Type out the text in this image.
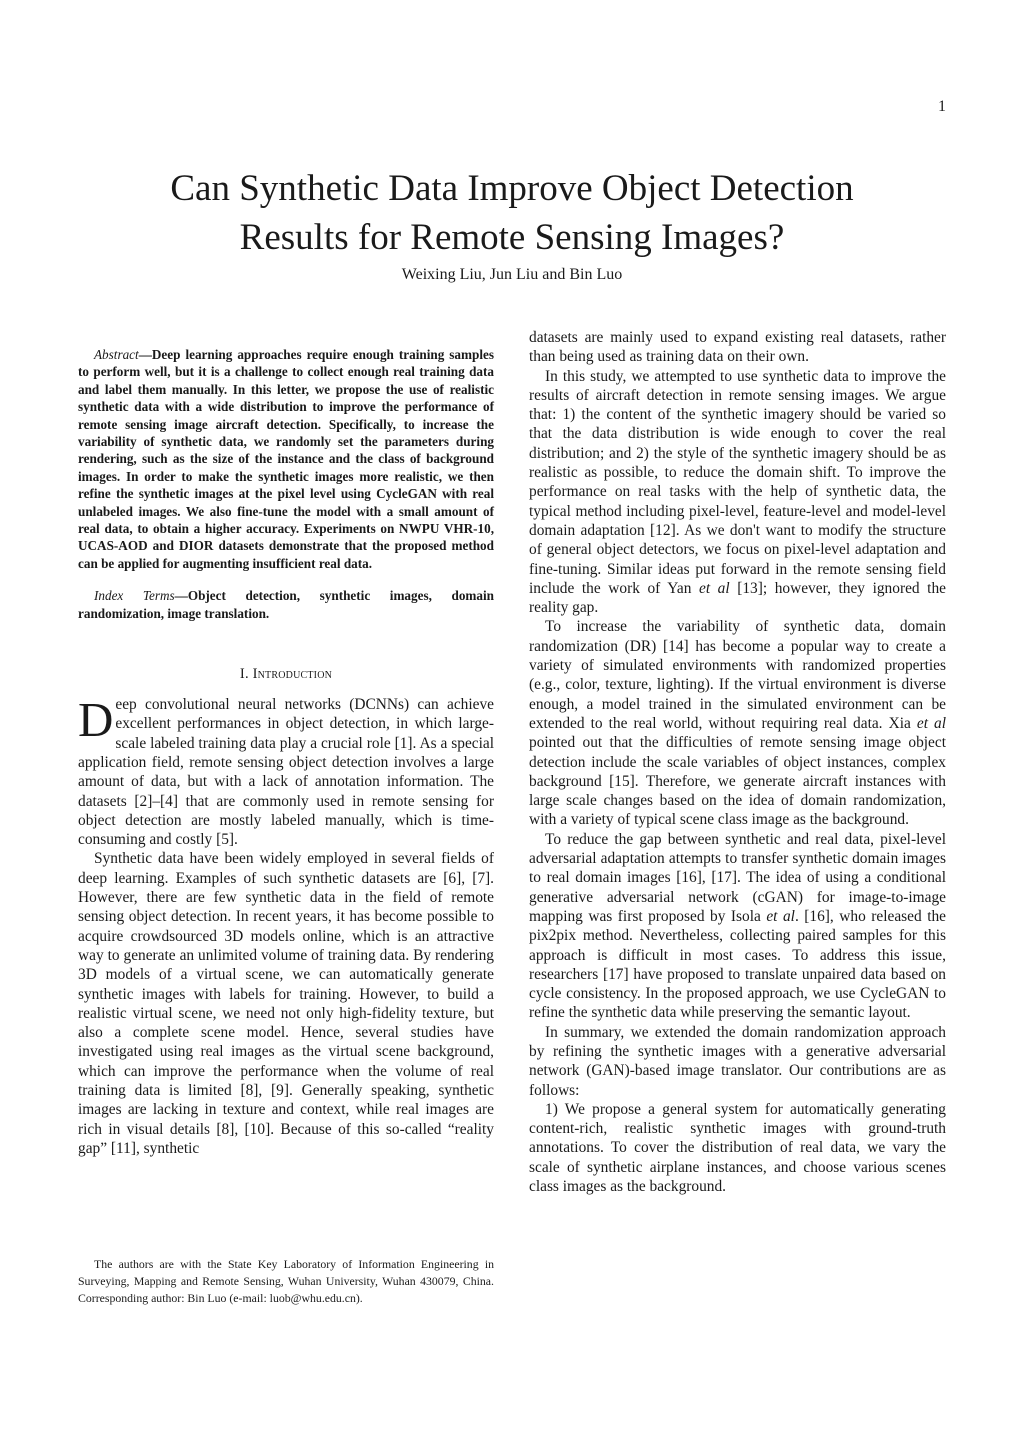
1
Can Synthetic Data Improve Object Detection
Results for Remote Sensing Images?
Weixing Liu, Jun Liu and Bin Luo

Abstract—Deep learning approaches require enough training samples to perform well, but it is a challenge to collect enough real training data and label them manually. In this letter, we propose the use of realistic synthetic data with a wide distribution to improve the performance of remote sensing image aircraft detection. Specifically, to increase the variability of synthetic data, we randomly set the parameters during rendering, such as the size of the instance and the class of background images. In order to make the synthetic images more realistic, we then refine the synthetic images at the pixel level using CycleGAN with real unlabeled images. We also fine-tune the model with a small amount of real data, to obtain a higher accuracy. Experiments on NWPU VHR-10, UCAS-AOD and DIOR datasets demonstrate that the proposed method can be applied for augmenting insufficient real data.

Index Terms—Object detection, synthetic images, domain randomization, image translation.

I. Introduction

Deep convolutional neural networks (DCNNs) can achieve excellent performances in object detection, in which large-scale labeled training data play a crucial role [1]. As a special application field, remote sensing object detection involves a large amount of data, but with a lack of annotation information. The datasets [2]–[4] that are commonly used in remote sensing for object detection are mostly labeled manually, which is time-consuming and costly [5].

Synthetic data have been widely employed in several fields of deep learning. Examples of such synthetic datasets are [6], [7]. However, there are few synthetic data in the field of remote sensing object detection. In recent years, it has become possible to acquire crowdsourced 3D models online, which is an attractive way to generate an unlimited volume of training data. By rendering 3D models of a virtual scene, we can automatically generate synthetic images with labels for training. However, to build a realistic virtual scene, we need not only high-fidelity texture, but also a complete scene model. Hence, several studies have investigated using real images as the virtual scene background, which can improve the performance when the volume of real training data is limited [8], [9]. Generally speaking, synthetic images are lacking in texture and context, while real images are rich in visual details [8], [10]. Because of this so-called “reality gap” [11], synthetic

datasets are mainly used to expand existing real datasets, rather than being used as training data on their own.

In this study, we attempted to use synthetic data to improve the results of aircraft detection in remote sensing images. We argue that: 1) the content of the synthetic imagery should be varied so that the data distribution is wide enough to cover the real distribution; and 2) the style of the synthetic imagery should be as realistic as possible, to reduce the domain shift. To improve the performance on real tasks with the help of synthetic data, the typical method including pixel-level, feature-level and model-level domain adaptation [12]. As we don't want to modify the structure of general object detectors, we focus on pixel-level adaptation and fine-tuning. Similar ideas put forward in the remote sensing field include the work of Yan et al [13]; however, they ignored the reality gap.

To increase the variability of synthetic data, domain randomization (DR) [14] has become a popular way to create a variety of simulated environments with randomized properties (e.g., color, texture, lighting). If the virtual environment is diverse enough, a model trained in the simulated environment can be extended to the real world, without requiring real data. Xia et al pointed out that the difficulties of remote sensing image object detection include the scale variables of object instances, complex background [15]. Therefore, we generate aircraft instances with large scale changes based on the idea of domain randomization, with a variety of typical scene class image as the background.

To reduce the gap between synthetic and real data, pixel-level adversarial adaptation attempts to transfer synthetic domain images to real domain images [16], [17]. The idea of using a conditional generative adversarial network (cGAN) for image-to-image mapping was first proposed by Isola et al. [16], who released the pix2pix method. Nevertheless, collecting paired samples for this approach is difficult in most cases. To address this issue, researchers [17] have proposed to translate unpaired data based on cycle consistency. In the proposed approach, we use CycleGAN to refine the synthetic data while preserving the semantic layout.

In summary, we extended the domain randomization approach by refining the synthetic images with a generative adversarial network (GAN)-based image translator. Our contributions are as follows:

1) We propose a general system for automatically generating content-rich, realistic synthetic images with ground-truth annotations. To cover the distribution of real data, we vary the scale of synthetic airplane instances, and choose various scenes class images as the background.

The authors are with the State Key Laboratory of Information Engineering in Surveying, Mapping and Remote Sensing, Wuhan University, Wuhan 430079, China. Corresponding author: Bin Luo (e-mail: luob@whu.edu.cn).
